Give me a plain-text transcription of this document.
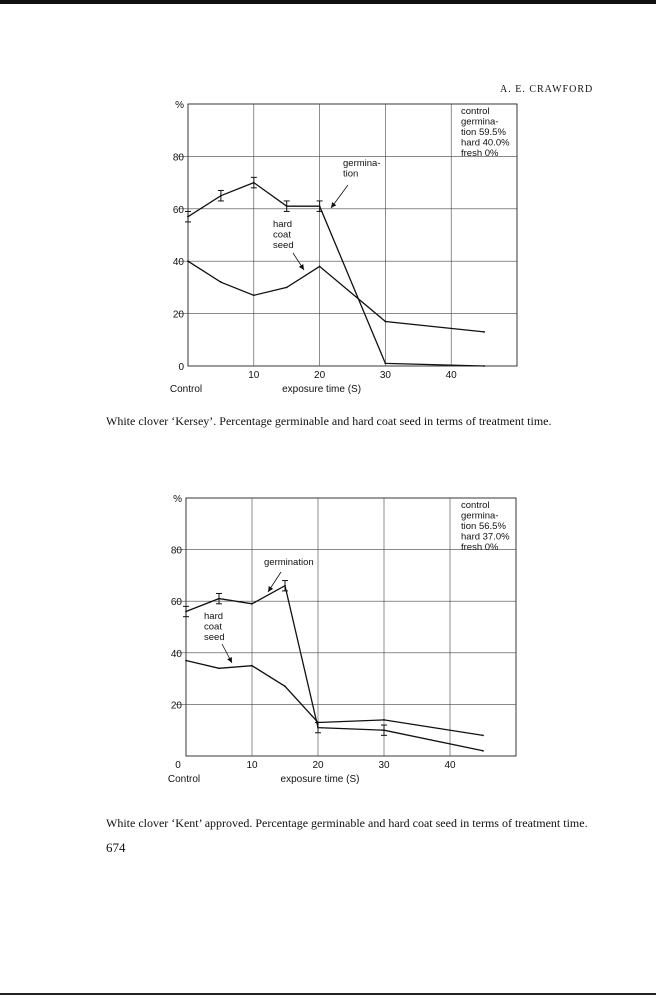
A. E. CRAWFORD
0
20
40
60
80
%
10	20	30	40
Control	exposure time (S)
control
germina-
tion 59.5%
hard 40.0%
fresh 0%
germina-
tion
hard
coat
seed
White clover ‘Kersey’. Percentage germinable and hard coat seed in terms of treatment time.
20
40
60
80
%
0	10	20	30	40
Control	exposure time (S)
control
germina-
tion 56.5%
hard 37.0%
fresh 0%
germination
hard
coat
seed
White clover ‘Kent’ approved. Percentage germinable and hard coat seed in terms of treatment time.
674
